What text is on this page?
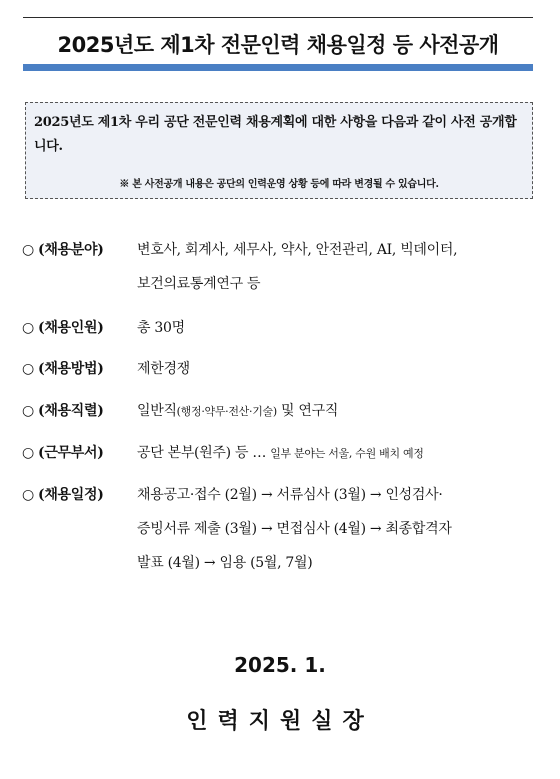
2025년도 제1차 전문인력 채용일정 등 사전공개
2025년도 제1차 우리 공단 전문인력 채용계획에 대한 사항을 다음과 같이 사전 공개합니다.
※ 본 사전공개 내용은 공단의 인력운영 상황 등에 따라 변경될 수 있습니다.
○ (채용분야) 변호사, 회계사, 세무사, 약사, 안전관리, AI, 빅데이터,
보건의료통계연구 등
○ (채용인원) 총 30명
○ (채용방법) 제한경쟁
○ (채용직렬) 일반직(행정·약무·전산·기술) 및 연구직
○ (근무부서) 공단 본부(원주) 등 … 일부 분야는 서울, 수원 배치 예정
○ (채용일정) 채용공고·접수 (2월) → 서류심사 (3월) → 인성검사·
증빙서류 제출 (3월) → 면접심사 (4월) → 최종합격자
발표 (4월) → 임용 (5월, 7월)
2025. 1.
인력지원실장
